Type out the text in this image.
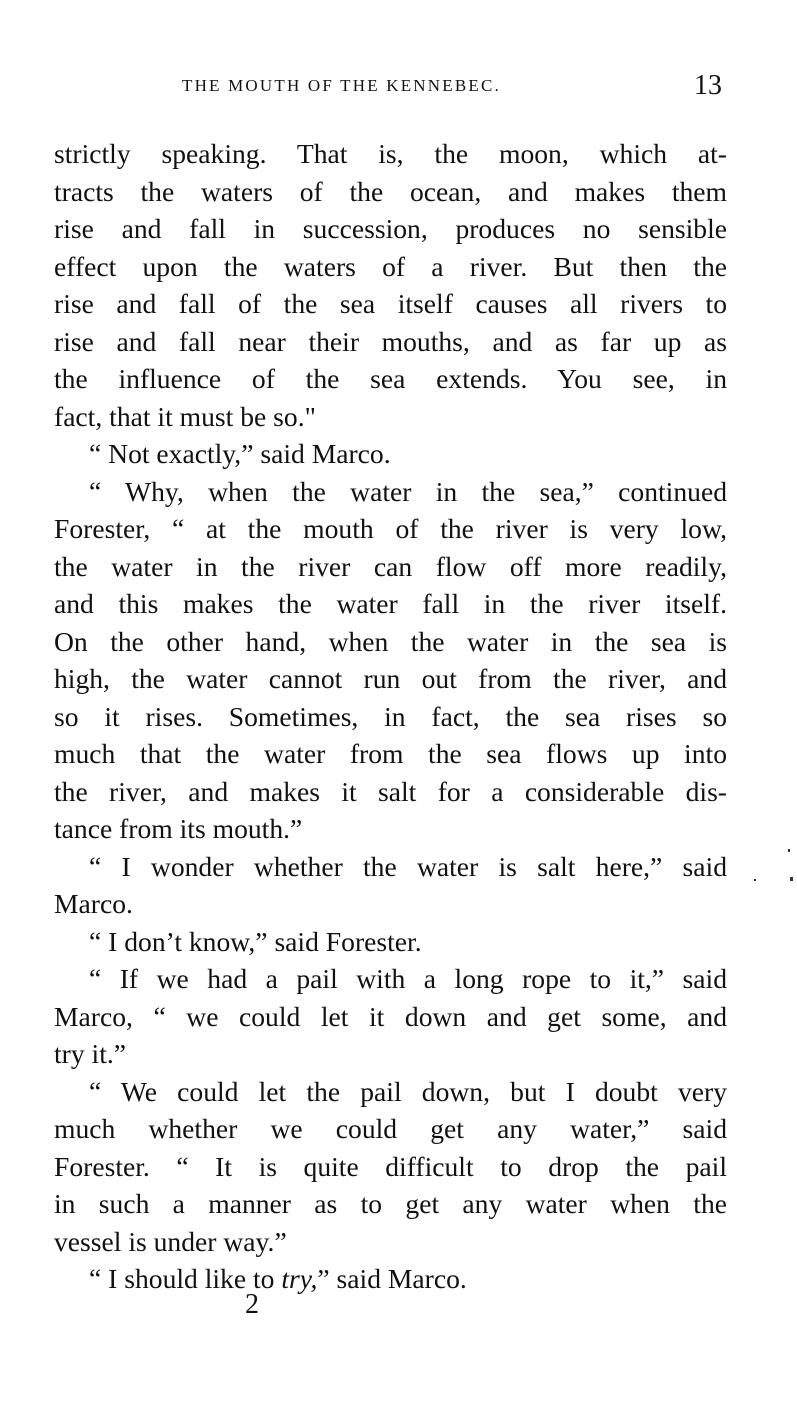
THE MOUTH OF THE KENNEBEC.	13
strictly speaking. That is, the moon, which at-
tracts the waters of the ocean, and makes them
rise and fall in succession, produces no sensible
effect upon the waters of a river. But then the
rise and fall of the sea itself causes all rivers to
rise and fall near their mouths, and as far up as
the influence of the sea extends. You see, in
fact, that it must be so."
“ Not exactly,” said Marco.
“ Why, when the water in the sea,” continued
Forester, “ at the mouth of the river is very low,
the water in the river can flow off more readily,
and this makes the water fall in the river itself.
On the other hand, when the water in the sea is
high, the water cannot run out from the river, and
so it rises. Sometimes, in fact, the sea rises so
much that the water from the sea flows up into
the river, and makes it salt for a considerable dis-
tance from its mouth.”
“ I wonder whether the water is salt here,” said
Marco.
“ I don’t know,” said Forester.
“ If we had a pail with a long rope to it,” said
Marco, “ we could let it down and get some, and
try it.”
“ We could let the pail down, but I doubt very
much whether we could get any water,” said
Forester. “ It is quite difficult to drop the pail
in such a manner as to get any water when the
vessel is under way.”
“ I should like to try,” said Marco.
2
